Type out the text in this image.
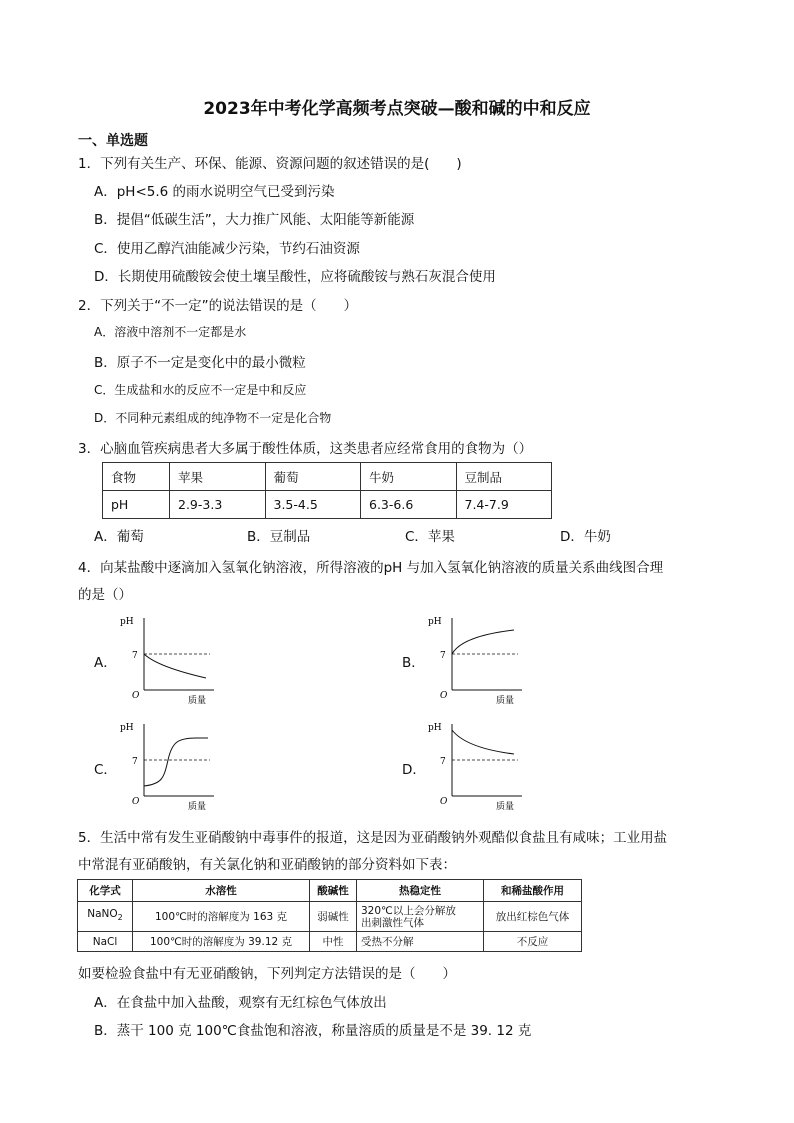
2023年中考化学高频考点突破—酸和碱的中和反应
一、单选题
1．下列有关生产、环保、能源、资源问题的叙述错误的是(　　)
A．pH<5.6 的雨水说明空气已受到污染
B．提倡“低碳生活”，大力推广风能、太阳能等新能源
C．使用乙醇汽油能减少污染，节约石油资源
D．长期使用硫酸铵会使土壤呈酸性，应将硫酸铵与熟石灰混合使用
2．下列关于“不一定”的说法错误的是（　　）
A．溶液中溶剂不一定都是水
B．原子不一定是变化中的最小微粒
C．生成盐和水的反应不一定是中和反应
D．不同种元素组成的纯净物不一定是化合物
3．心脑血管疾病患者大多属于酸性体质，这类患者应经常食用的食物为（）
食物	苹果	葡萄	牛奶	豆制品
pH	2.9-3.3	3.5-4.5	6.3-6.6	7.4-7.9
A．葡萄	B．豆制品	C．苹果	D．牛奶
4．向某盐酸中逐滴加入氢氧化钠溶液，所得溶液的pH 与加入氢氧化钠溶液的质量关系曲线图合理
的是（）
A．
pH
O
7
质量
B．
pH
O
7
质量
C．
pH
O
7
质量
D．
pH
O
7
质量
5．生活中常有发生亚硝酸钠中毒事件的报道，这是因为亚硝酸钠外观酷似食盐且有咸味；工业用盐
中常混有亚硝酸钠，有关氯化钠和亚硝酸钠的部分资料如下表：
化学式	水溶性	酸碱性	热稳定性	和稀盐酸作用
NaNO$_2$	100℃时的溶解度为 163 克	弱碱性	320℃以上会分解放
出刺激性气体	放出红棕色气体
NaCl	100℃时的溶解度为 39.12 克	中性	受热不分解	不反应
如要检验食盐中有无亚硝酸钠，下列判定方法错误的是（　　）
A．在食盐中加入盐酸，观察有无红棕色气体放出
B．蒸干 100 克 100℃食盐饱和溶液，称量溶质的质量是不是 39. 12 克
